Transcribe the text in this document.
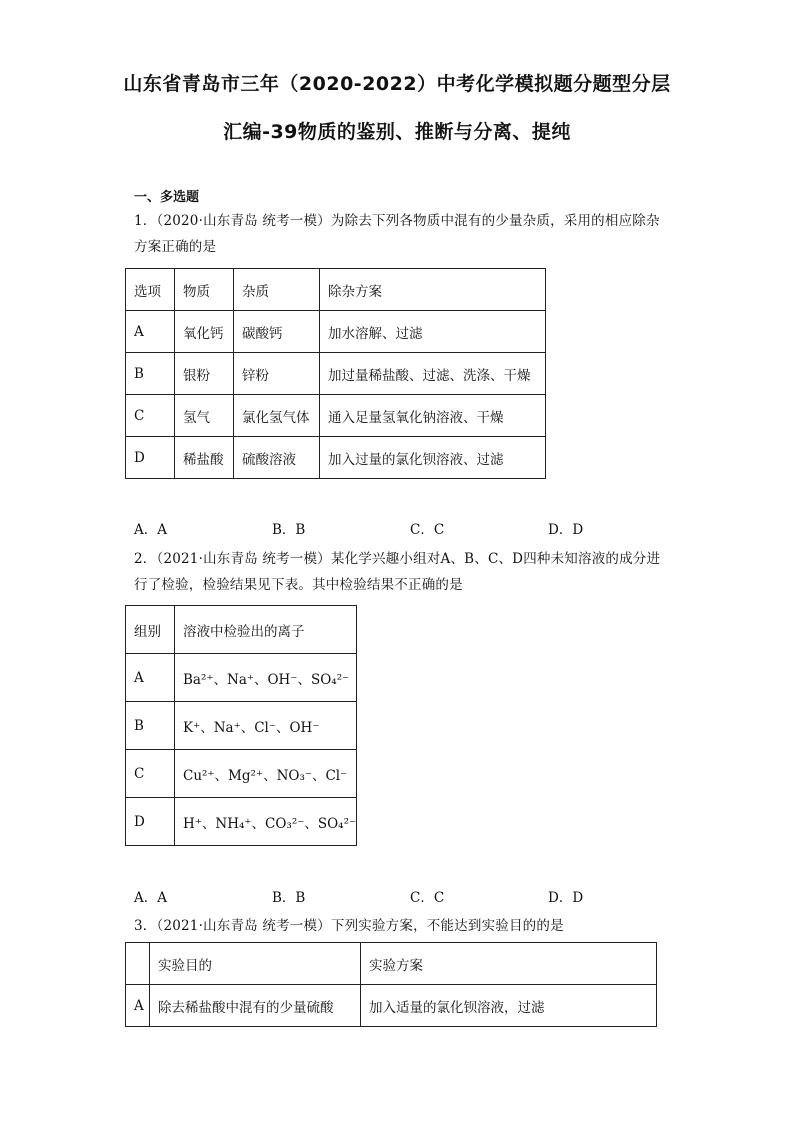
山东省青岛市三年（2020-2022）中考化学模拟题分题型分层
汇编-39物质的鉴别、推断与分离、提纯
一、多选题
1．（2020·山东青岛 统考一模）为除去下列各物质中混有的少量杂质，采用的相应除杂方案正确的是
选项	物质	杂质	除杂方案
A	氧化钙	碳酸钙	加水溶解、过滤
B	银粉	锌粉	加过量稀盐酸、过滤、洗涤、干燥
C	氢气	氯化氢气体	通入足量氢氧化钠溶液、干燥
D	稀盐酸	硫酸溶液	加入过量的氯化钡溶液、过滤
A．A	B．B	C．C	D．D
2．（2021·山东青岛 统考一模）某化学兴趣小组对A、B、C、D四种未知溶液的成分进行了检验，检验结果见下表。其中检验结果不正确的是
组别	溶液中检验出的离子
A	Ba²⁺、Na⁺、OH⁻、SO₄²⁻
B	K⁺、Na⁺、Cl⁻、OH⁻
C	Cu²⁺、Mg²⁺、NO₃⁻、Cl⁻
D	H⁺、NH₄⁺、CO₃²⁻、SO₄²⁻
A．A	B．B	C．C	D．D
3．（2021·山东青岛 统考一模）下列实验方案，不能达到实验目的的是
	实验目的	实验方案
A	除去稀盐酸中混有的少量硫酸	加入适量的氯化钡溶液，过滤
